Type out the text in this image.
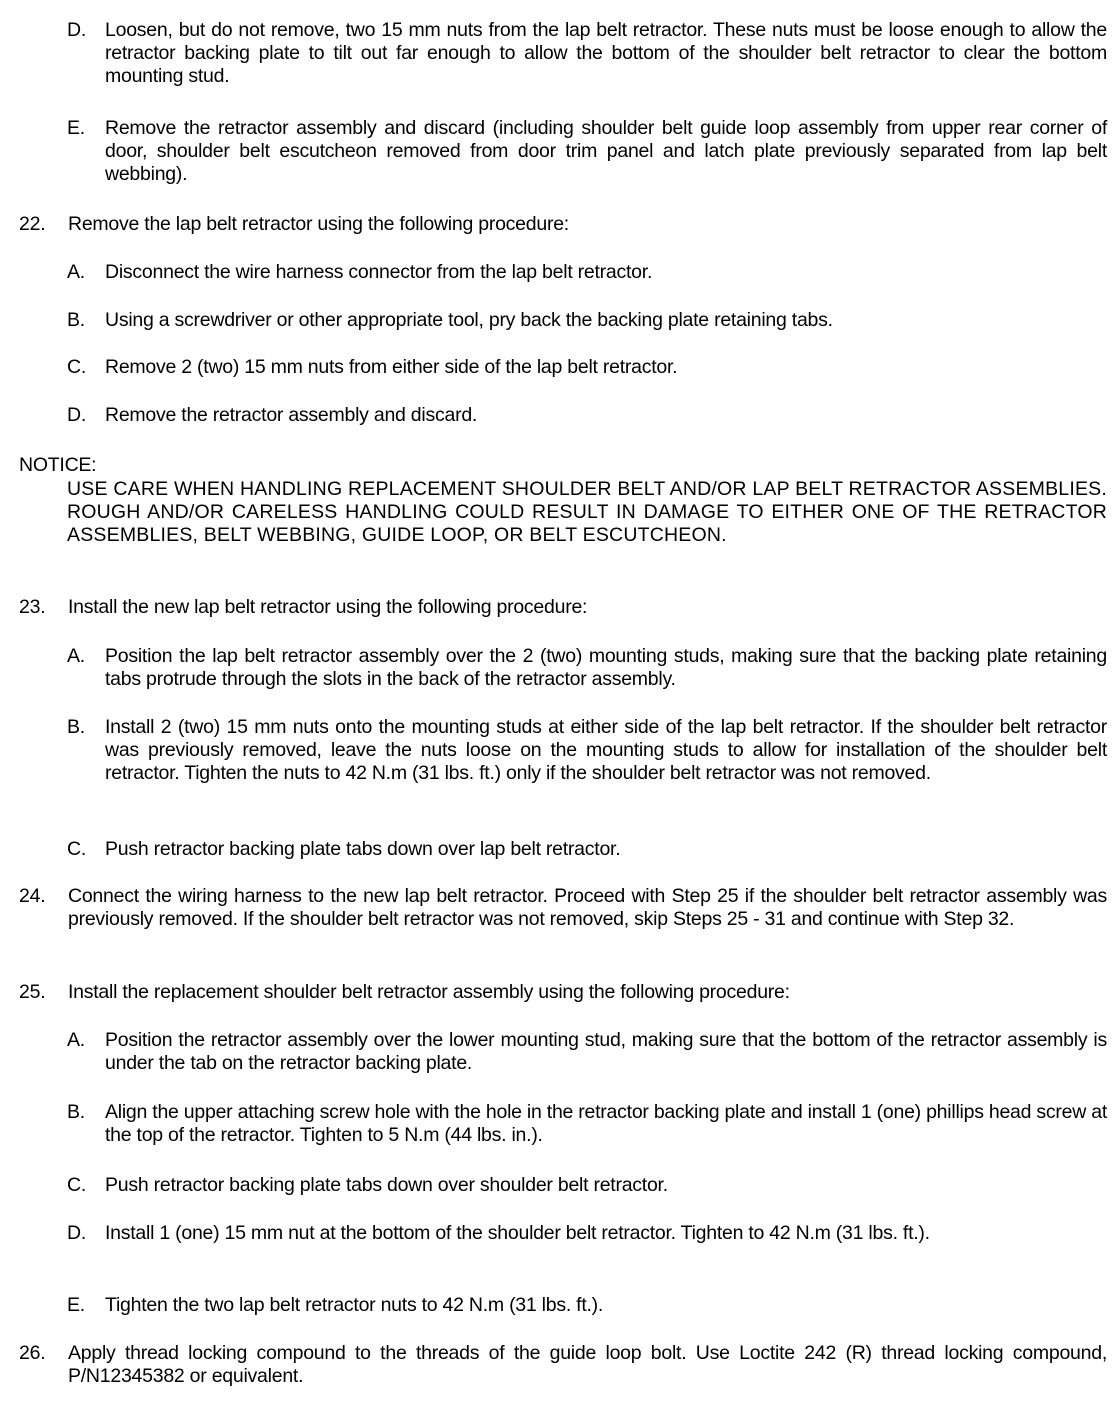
D. Loosen, but do not remove, two 15 mm nuts from the lap belt retractor. These nuts must be loose enough to allow the retractor backing plate to tilt out far enough to allow the bottom of the shoulder belt retractor to clear the bottom mounting stud.
E.	Remove the retractor assembly and discard (including shoulder belt guide loop assembly from upper rear corner of door, shoulder belt escutcheon removed from door trim panel and latch plate previously separated from lap belt webbing).
22.	Remove the lap belt retractor using the following procedure:
A.	Disconnect the wire harness connector from the lap belt retractor.
B.	Using a screwdriver or other appropriate tool, pry back the backing plate retaining tabs.
C. Remove 2 (two) 15 mm nuts from either side of the lap belt retractor.
D. Remove the retractor assembly and discard.
NOTICE:
USE CARE WHEN HANDLING REPLACEMENT SHOULDER BELT AND/OR LAP BELT RETRACTOR ASSEMBLIES. ROUGH AND/OR CARELESS HANDLING COULD RESULT IN DAMAGE TO EITHER ONE OF THE RETRACTOR ASSEMBLIES, BELT WEBBING, GUIDE LOOP, OR BELT ESCUTCHEON.
23.	Install the new lap belt retractor using the following procedure:
A.	Position the lap belt retractor assembly over the 2 (two) mounting studs, making sure that the backing plate retaining tabs protrude through the slots in the back of the retractor assembly.
B.	Install 2 (two) 15 mm nuts onto the mounting studs at either side of the lap belt retractor. If the shoulder belt retractor was previously removed, leave the nuts loose on the mounting studs to allow for installation of the shoulder belt retractor. Tighten the nuts to 42 N.m (31 lbs. ft.) only if the shoulder belt retractor was not removed.
C. Push retractor backing plate tabs down over lap belt retractor.
24.	Connect the wiring harness to the new lap belt retractor. Proceed with Step 25 if the shoulder belt retractor assembly was previously removed. If the shoulder belt retractor was not removed, skip Steps 25 - 31 and continue with Step 32.
25.	Install the replacement shoulder belt retractor assembly using the following procedure:
A.	Position the retractor assembly over the lower mounting stud, making sure that the bottom of the retractor assembly is under the tab on the retractor backing plate.
B.	Align the upper attaching screw hole with the hole in the retractor backing plate and install 1 (one) phillips head screw at the top of the retractor. Tighten to 5 N.m (44 lbs. in.).
C. Push retractor backing plate tabs down over shoulder belt retractor.
D. Install 1 (one) 15 mm nut at the bottom of the shoulder belt retractor. Tighten to 42 N.m (31 lbs. ft.).
E.	Tighten the two lap belt retractor nuts to 42 N.m (31 lbs. ft.).
26.	Apply thread locking compound to the threads of the guide loop bolt. Use Loctite 242 (R) thread locking compound, P/N12345382 or equivalent.
